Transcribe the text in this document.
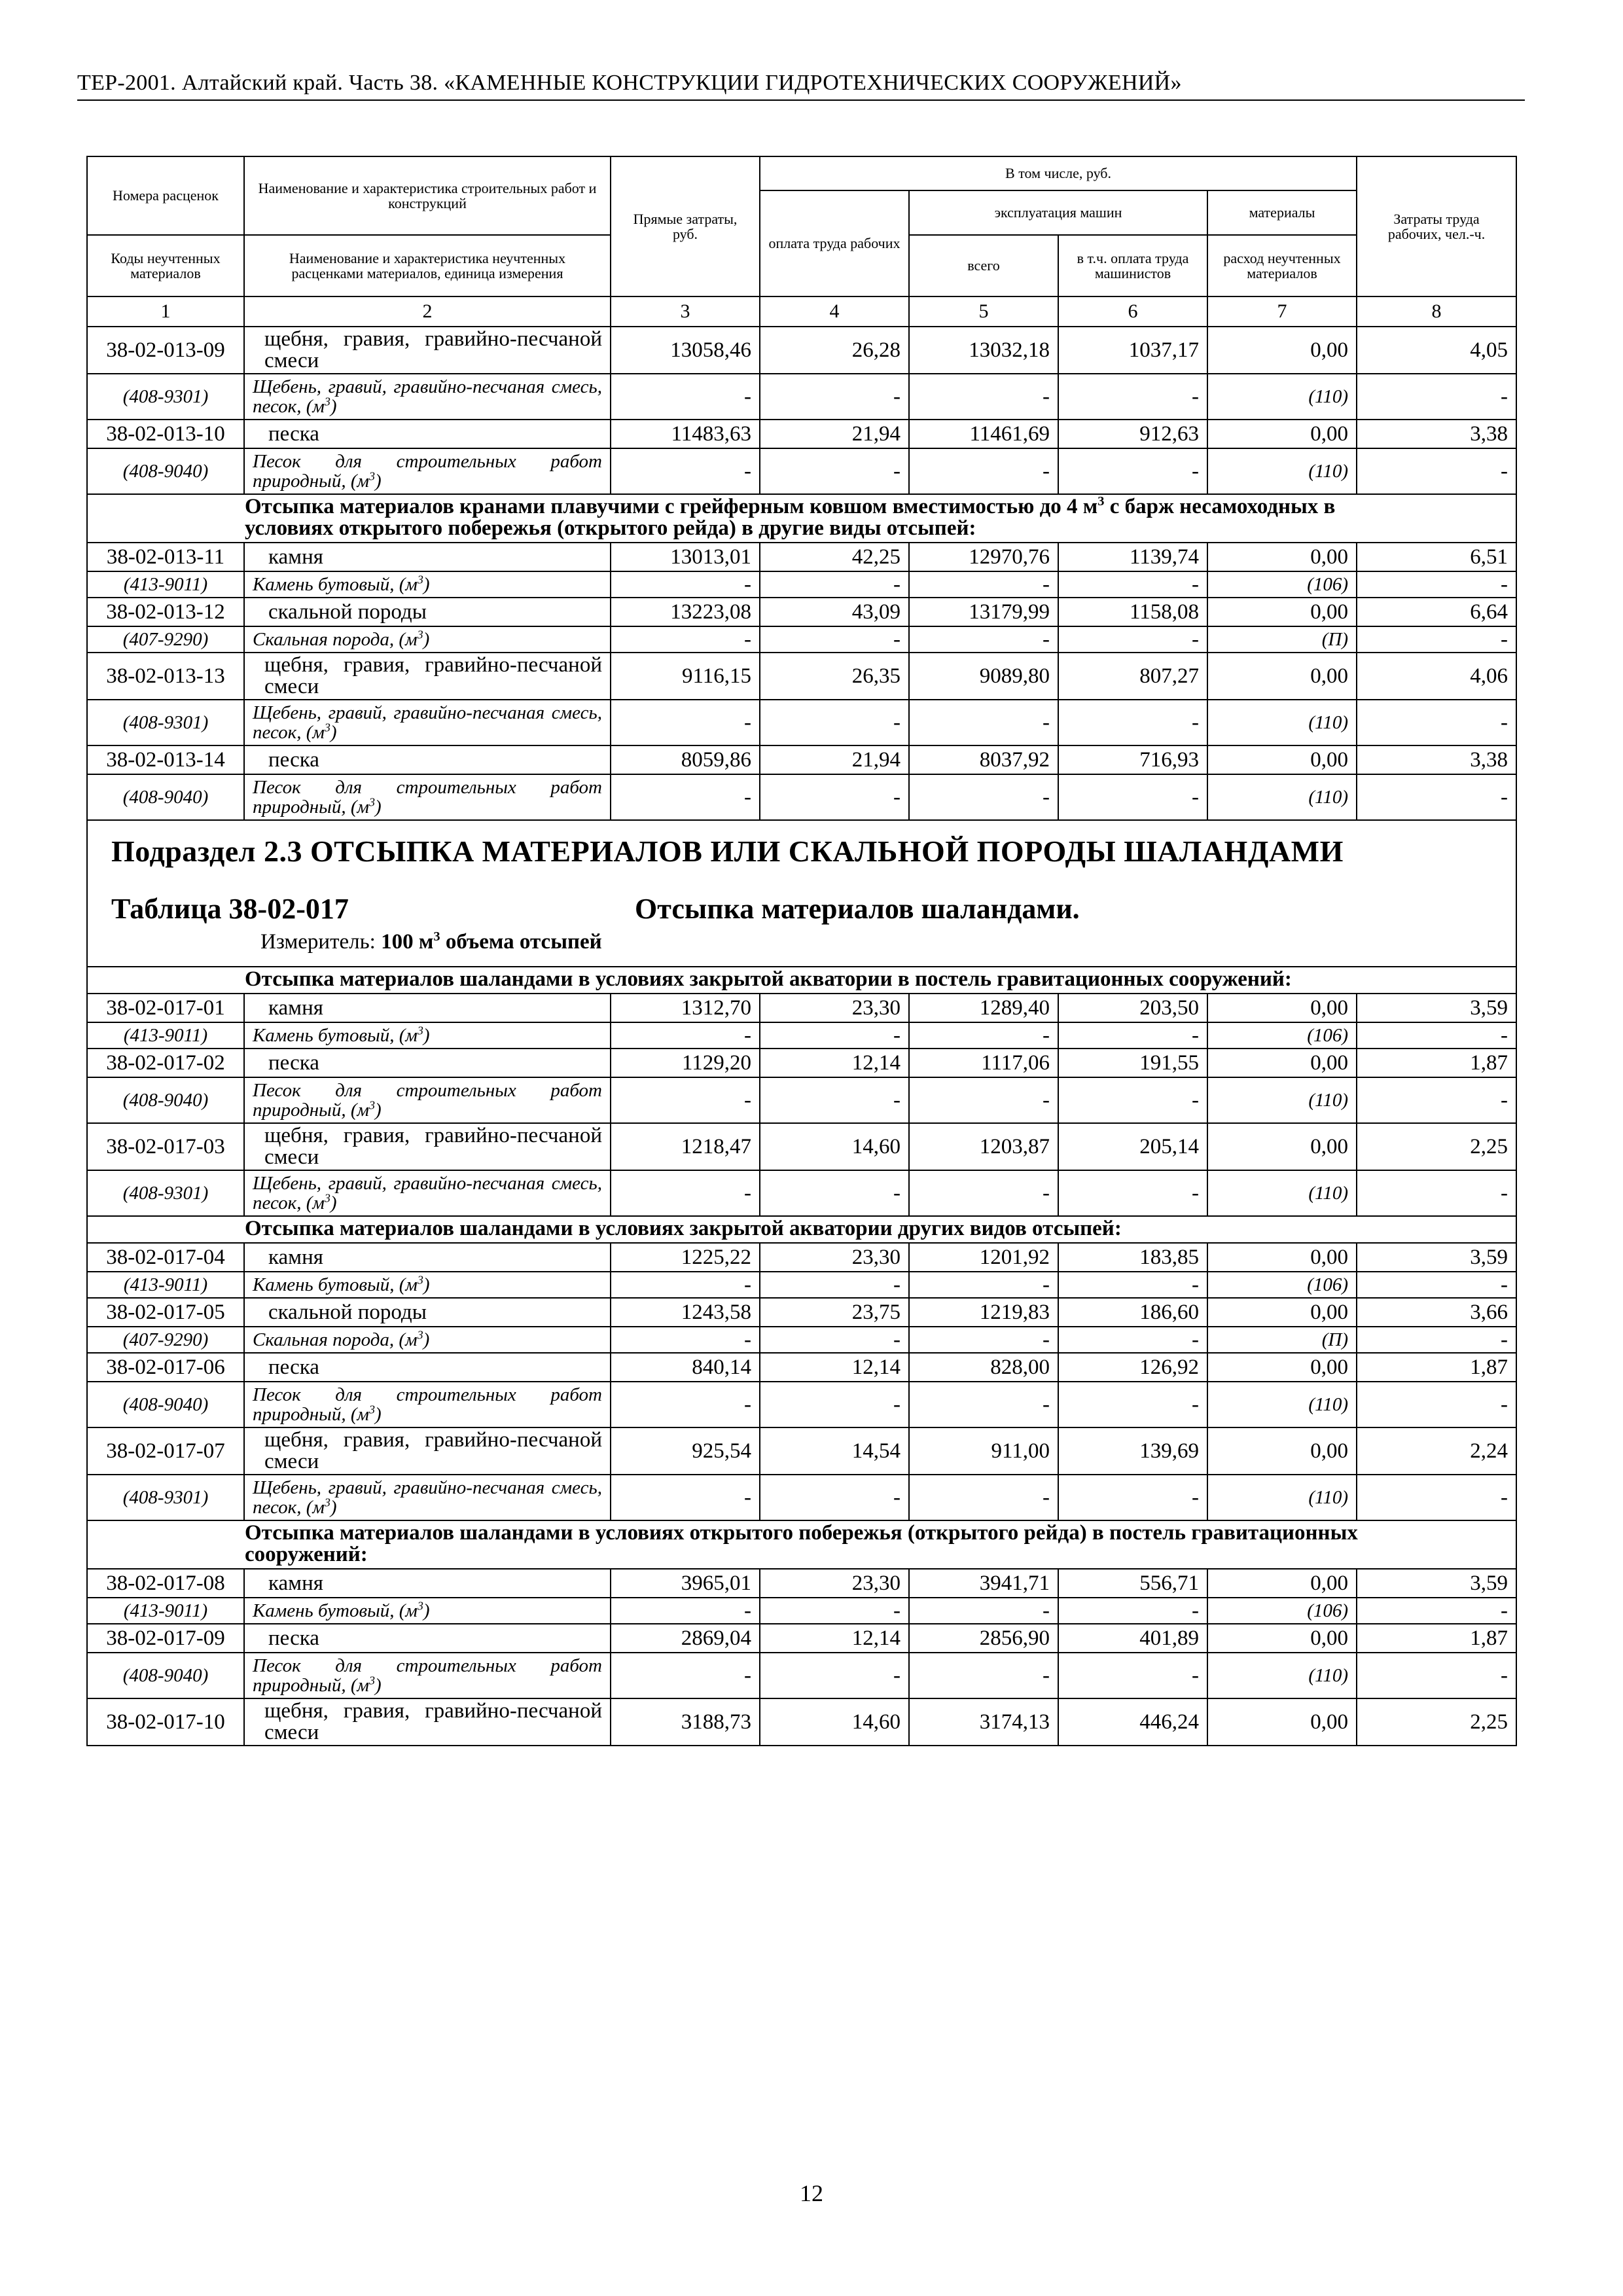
ТЕР-2001. Алтайский край. Часть 38. «КАМЕННЫЕ КОНСТРУКЦИИ ГИДРОТЕХНИЧЕСКИХ СООРУЖЕНИЙ»
Номера расценок	Наименование и характеристика строительных работ и конструкций	Прямые затраты, руб.	В том числе, руб.				Затраты труда рабочих, чел.-ч.
			оплата труда рабочих	эксплуатация машин		материалы	
Коды неучтенных материалов	Наименование и характеристика неучтенных расценками материалов, единица измерения			всего	в т.ч. оплата труда машинистов	расход неучтенных материалов	
1	2	3	4	5	6	7	8
38-02-013-09	щебня, гравия, гравийно-песчаной смеси	13058,46	26,28	13032,18	1037,17	0,00	4,05
(408-9301)	Щебень, гравий, гравийно-песчаная смесь, песок, $(м^3)$	-	-	-	-	(110)	-
38-02-013-10	песка	11483,63	21,94	11461,69	912,63	0,00	3,38
(408-9040)	Песок для строительных работ природный, $(м^3)$	-	-	-	-	(110)	-
Отсыпка материалов кранами плавучими с грейферным ковшом вместимостью до 4 $м^3$ с барж несамоходных в условиях открытого побережья (открытого рейда) в другие виды отсыпей:							
38-02-013-11	камня	13013,01	42,25	12970,76	1139,74	0,00	6,51
(413-9011)	Камень бутовый, $(м^3)$	-	-	-	-	(106)	-
38-02-013-12	скальной породы	13223,08	43,09	13179,99	1158,08	0,00	6,64
(407-9290)	Скальная порода, $(м^3)$	-	-	-	-	(П)	-
38-02-013-13	щебня, гравия, гравийно-песчаной смеси	9116,15	26,35	9089,80	807,27	0,00	4,06
(408-9301)	Щебень, гравий, гравийно-песчаная смесь, песок, $(м^3)$	-	-	-	-	(110)	-
38-02-013-14	песка	8059,86	21,94	8037,92	716,93	0,00	3,38
(408-9040)	Песок для строительных работ природный, $(м^3)$	-	-	-	-	(110)	-

Подраздел 2.3 ОТСЫПКА МАТЕРИАЛОВ ИЛИ СКАЛЬНОЙ ПОРОДЫ ШАЛАНДАМИ
Таблица 38-02-017 Отсыпка материалов шаландами.
Измеритель: 100 $м^3$ объема отсыпей							

Отсыпка материалов шаландами в условиях закрытой акватории в постель гравитационных сооружений:							
38-02-017-01	камня	1312,70	23,30	1289,40	203,50	0,00	3,59
(413-9011)	Камень бутовый, $(м^3)$	-	-	-	-	(106)	-
38-02-017-02	песка	1129,20	12,14	1117,06	191,55	0,00	1,87
(408-9040)	Песок для строительных работ природный, $(м^3)$	-	-	-	-	(110)	-
38-02-017-03	щебня, гравия, гравийно-песчаной смеси	1218,47	14,60	1203,87	205,14	0,00	2,25
(408-9301)	Щебень, гравий, гравийно-песчаная смесь, песок, $(м^3)$	-	-	-	-	(110)	-
Отсыпка материалов шаландами в условиях закрытой акватории других видов отсыпей:							
38-02-017-04	камня	1225,22	23,30	1201,92	183,85	0,00	3,59
(413-9011)	Камень бутовый, $(м^3)$	-	-	-	-	(106)	-
38-02-017-05	скальной породы	1243,58	23,75	1219,83	186,60	0,00	3,66
(407-9290)	Скальная порода, $(м^3)$	-	-	-	-	(П)	-
38-02-017-06	песка	840,14	12,14	828,00	126,92	0,00	1,87
(408-9040)	Песок для строительных работ природный, $(м^3)$	-	-	-	-	(110)	-
38-02-017-07	щебня, гравия, гравийно-песчаной смеси	925,54	14,54	911,00	139,69	0,00	2,24
(408-9301)	Щебень, гравий, гравийно-песчаная смесь, песок, $(м^3)$	-	-	-	-	(110)	-
Отсыпка материалов шаландами в условиях открытого побережья (открытого рейда) в постель гравитационных сооружений:							
38-02-017-08	камня	3965,01	23,30	3941,71	556,71	0,00	3,59
(413-9011)	Камень бутовый, $(м^3)$	-	-	-	-	(106)	-
38-02-017-09	песка	2869,04	12,14	2856,90	401,89	0,00	1,87
(408-9040)	Песок для строительных работ природный, $(м^3)$	-	-	-	-	(110)	-
38-02-017-10	щебня, гравия, гравийно-песчаной смеси	3188,73	14,60	3174,13	446,24	0,00	2,25
12
